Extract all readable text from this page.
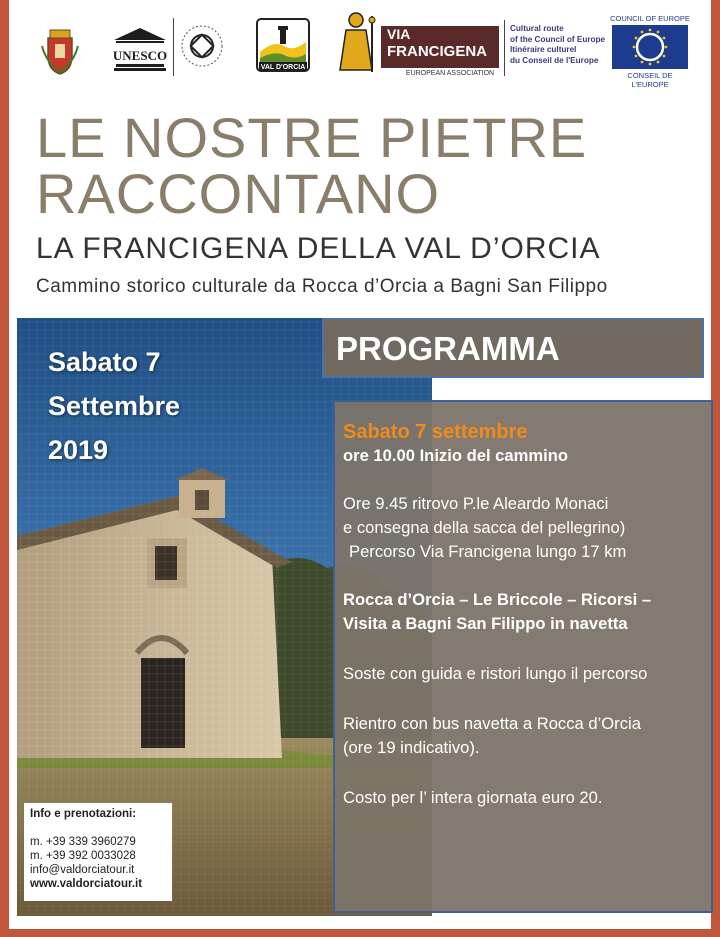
UNESCO
VAL D'ORCIA
VIA
FRANCIGENA
EUROPEAN ASSOCIATION
Cultural route
of the Council of Europe
Itinéraire culturel
du Conseil de l'Europe
COUNCIL OF EUROPE
CONSEIL DE L'EUROPE
LE NOSTRE PIETRE
RACCONTANO
LA FRANCIGENA DELLA VAL D’ORCIA
Cammino storico culturale da Rocca d’Orcia a Bagni San Filippo
Sabato 7
Settembre
2019
PROGRAMMA
Sabato 7 settembre
ore 10.00 Inizio del cammino
Ore 9.45 ritrovo P.le Aleardo Monaci
e consegna della sacca del pellegrino)
Percorso Via Francigena lungo 17 km
Rocca d’Orcia – Le Briccole – Ricorsi –
Visita a Bagni San Filippo in navetta
Soste con guida e ristori lungo il percorso
Rientro con bus navetta a Rocca d’Orcia
(ore 19 indicativo).
Costo per l’ intera giornata euro 20.
Info e prenotazioni:
m. +39 339 3960279
m. +39 392 0033028
info@valdorciatour.it
www.valdorciatour.it
